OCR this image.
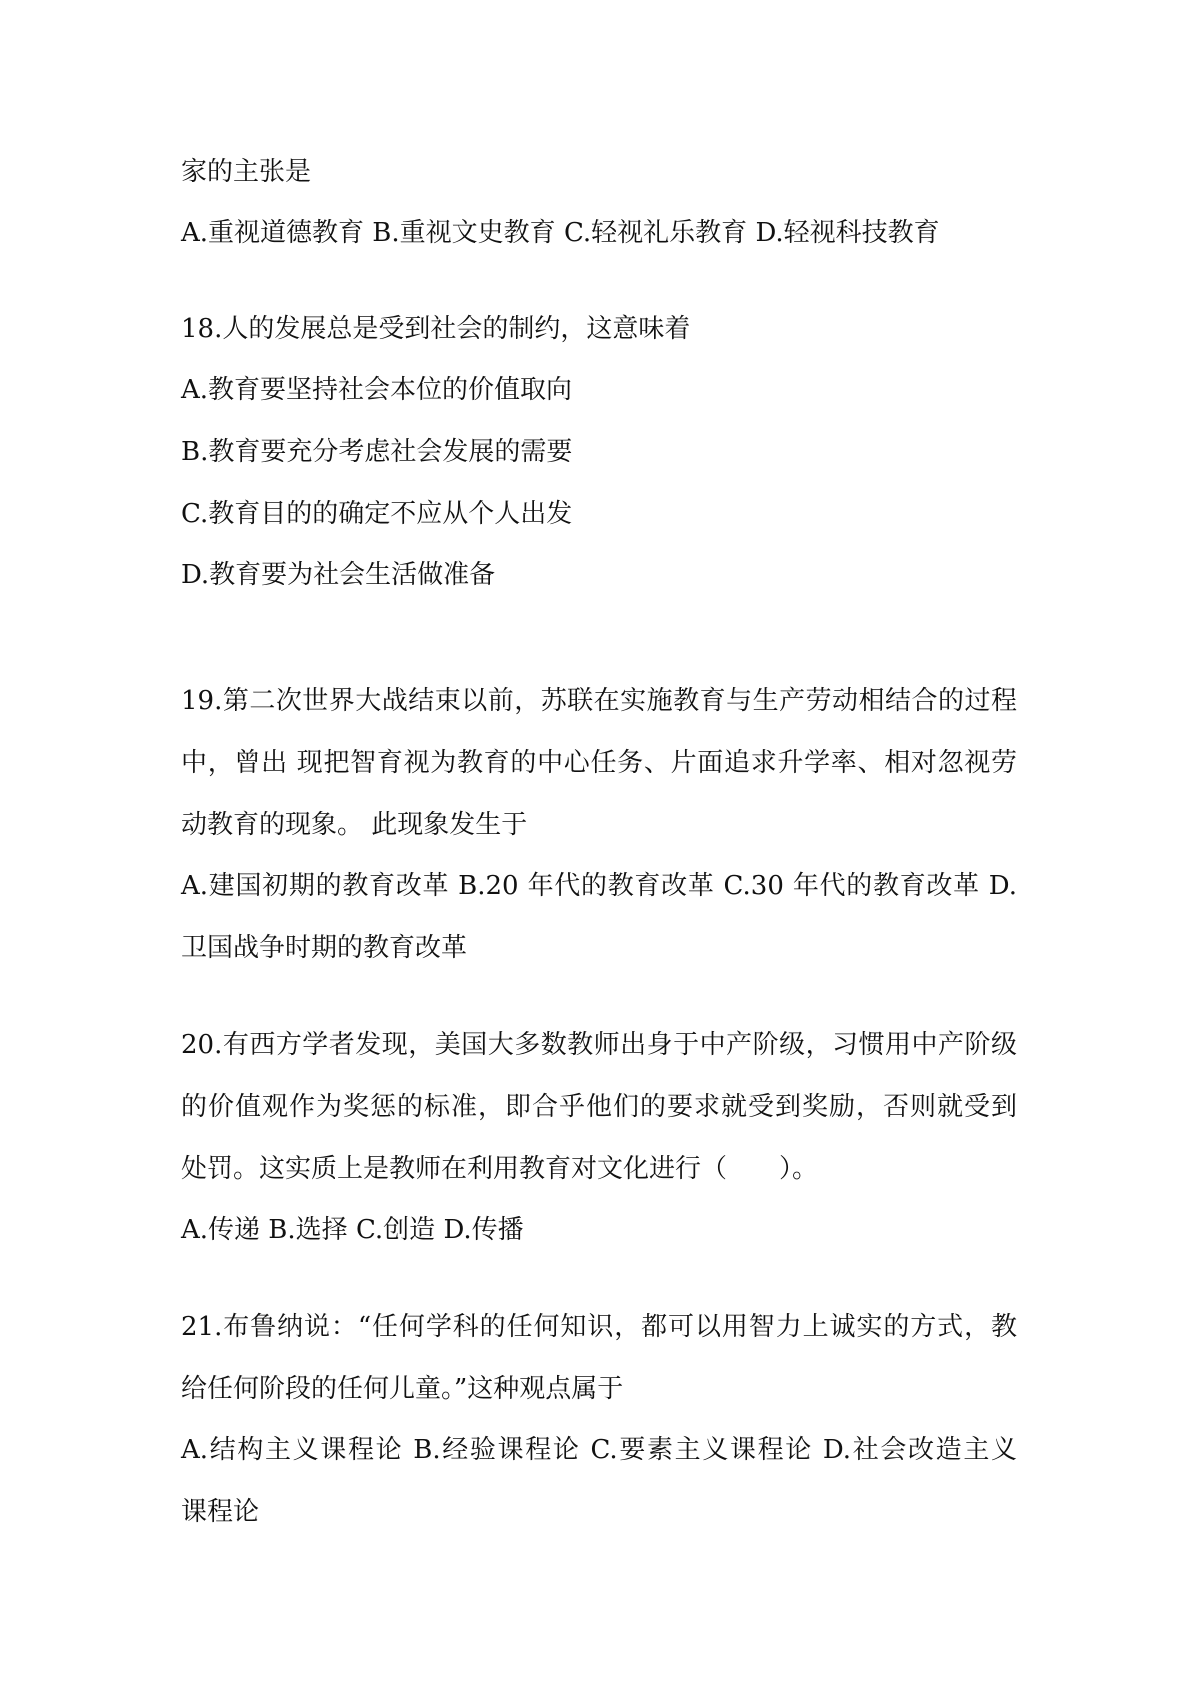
家的主张是

A.重视道德教育 B.重视文史教育 C.轻视礼乐教育 D.轻视科技教育

18.人的发展总是受到社会的制约，这意味着

A.教育要坚持社会本位的价值取向

B.教育要充分考虑社会发展的需要

C.教育目的的确定不应从个人出发

D.教育要为社会生活做准备

19.第二次世界大战结束以前，苏联在实施教育与生产劳动相结合的过程

中，曾出 现把智育视为教育的中心任务、片面追求升学率、相对忽视劳

动教育的现象。 此现象发生于

A.建国初期的教育改革 B.20 年代的教育改革 C.30 年代的教育改革 D.

卫国战争时期的教育改革

20.有西方学者发现，美国大多数教师出身于中产阶级，习惯用中产阶级

的价值观作为奖惩的标准，即合乎他们的要求就受到奖励，否则就受到

处罚。这实质上是教师在利用教育对文化进行（　　）。

A.传递 B.选择 C.创造 D.传播

21.布鲁纳说：“任何学科的任何知识，都可以用智力上诚实的方式，教

给任何阶段的任何儿童。”这种观点属于

A.结构主义课程论 B.经验课程论 C.要素主义课程论 D.社会改造主义

课程论
